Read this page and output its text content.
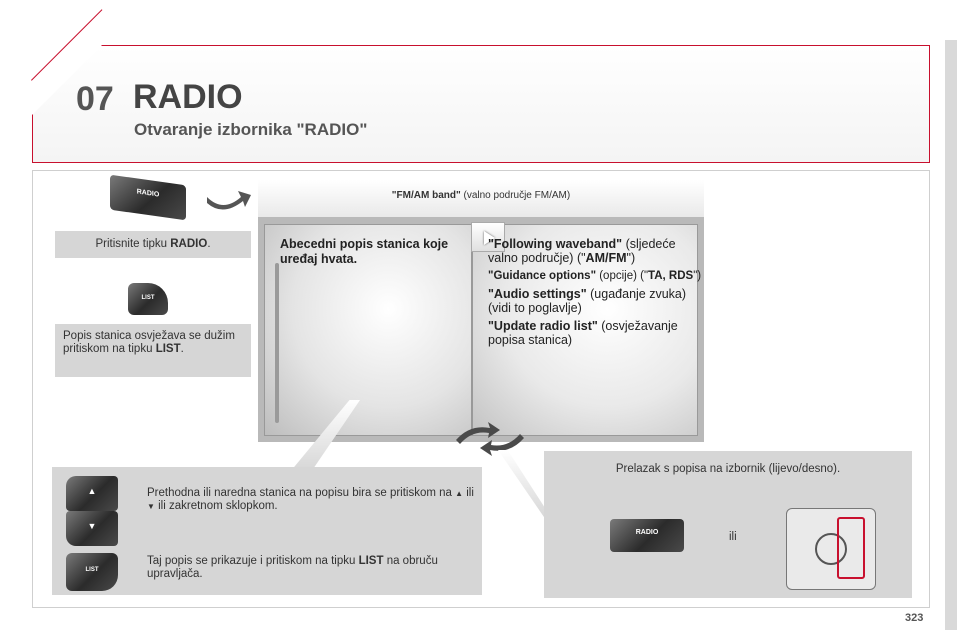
07 RADIO
Otvaranje izbornika "RADIO"
RADIO
Pritisnite tipku RADIO.
LIST
Popis stanica osvježava se dužim pritiskom na tipku LIST.
"FM/AM band" (valno područje FM/AM)
Abecedni popis stanica koje uređaj hvata.

"Following waveband" (sljedeće valno područje) ("AM/FM")

"Guidance options" (opcije) ("TA, RDS")

"Audio settings" (ugađanje zvuka) (vidi to poglavlje)

"Update radio list" (osvježavanje popisa stanica)

Prethodna ili naredna stanica na popisu bira se pritiskom na ▲ ili ▼ ili zakretnom sklopkom.
Taj popis se prikazuje i pritiskom na tipku LIST na obruču upravljača.
▲
▼
LIST
Prelazak s popisa na izbornik (lijevo/desno).
ili
RADIO
323
